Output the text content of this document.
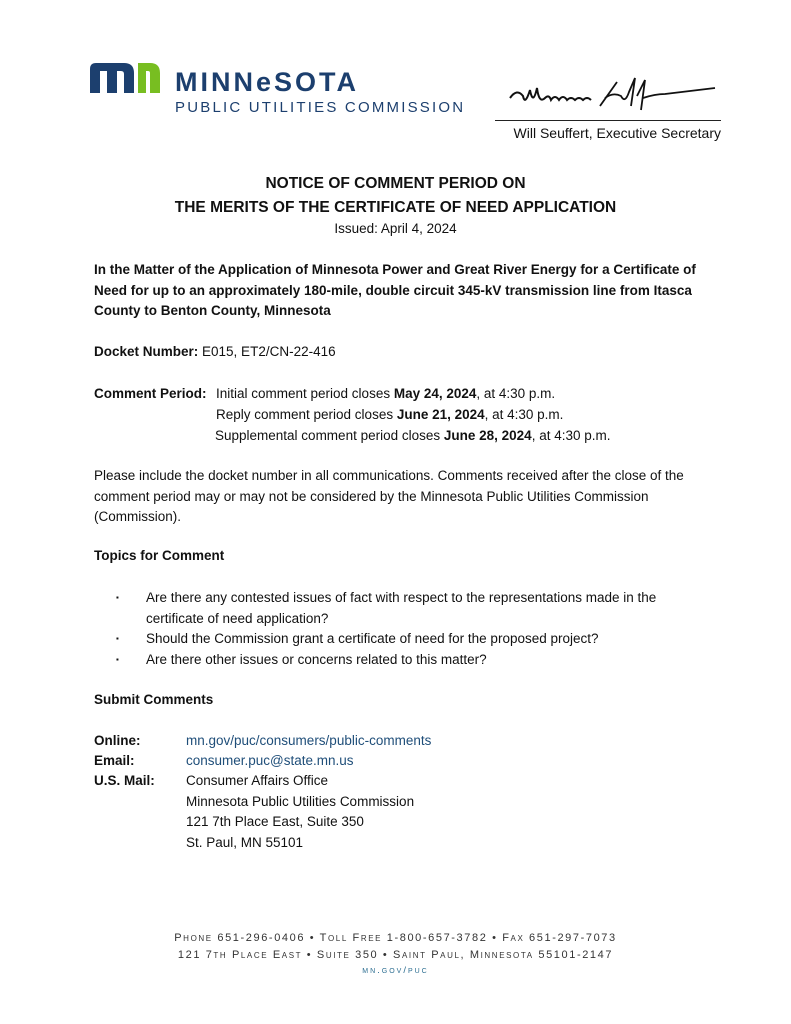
MINNeSOTA
PUBLIC UTILITIES COMMISSION
Will Seuffert, Executive Secretary
NOTICE OF COMMENT PERIOD ON
THE MERITS OF THE CERTIFICATE OF NEED APPLICATION
Issued: April 4, 2024
In the Matter of the Application of Minnesota Power and Great River Energy for a Certificate of Need for up to an approximately 180-mile, double circuit 345-kV transmission line from Itasca County to Benton County, Minnesota
Docket Number: E015, ET2/CN-22-416
Comment Period: Initial comment period closes May 24, 2024, at 4:30 p.m.
Reply comment period closes June 21, 2024, at 4:30 p.m.
Supplemental comment period closes June 28, 2024, at 4:30 p.m.
Please include the docket number in all communications. Comments received after the close of the comment period may or may not be considered by the Minnesota Public Utilities Commission (Commission).
Topics for Comment
▪ Are there any contested issues of fact with respect to the representations made in the certificate of need application?
▪ Should the Commission grant a certificate of need for the proposed project?
▪ Are there other issues or concerns related to this matter?
Submit Comments
Online:	mn.gov/puc/consumers/public-comments
Email:	consumer.puc@state.mn.us
U.S. Mail: Consumer Affairs Office
Minnesota Public Utilities Commission
121 7th Place East, Suite 350
St. Paul, MN 55101
Phone 651-296-0406 • Toll Free 1-800-657-3782 • Fax 651-297-7073
121 7th Place East • Suite 350 • Saint Paul, Minnesota 55101-2147
mn.gov/puc
